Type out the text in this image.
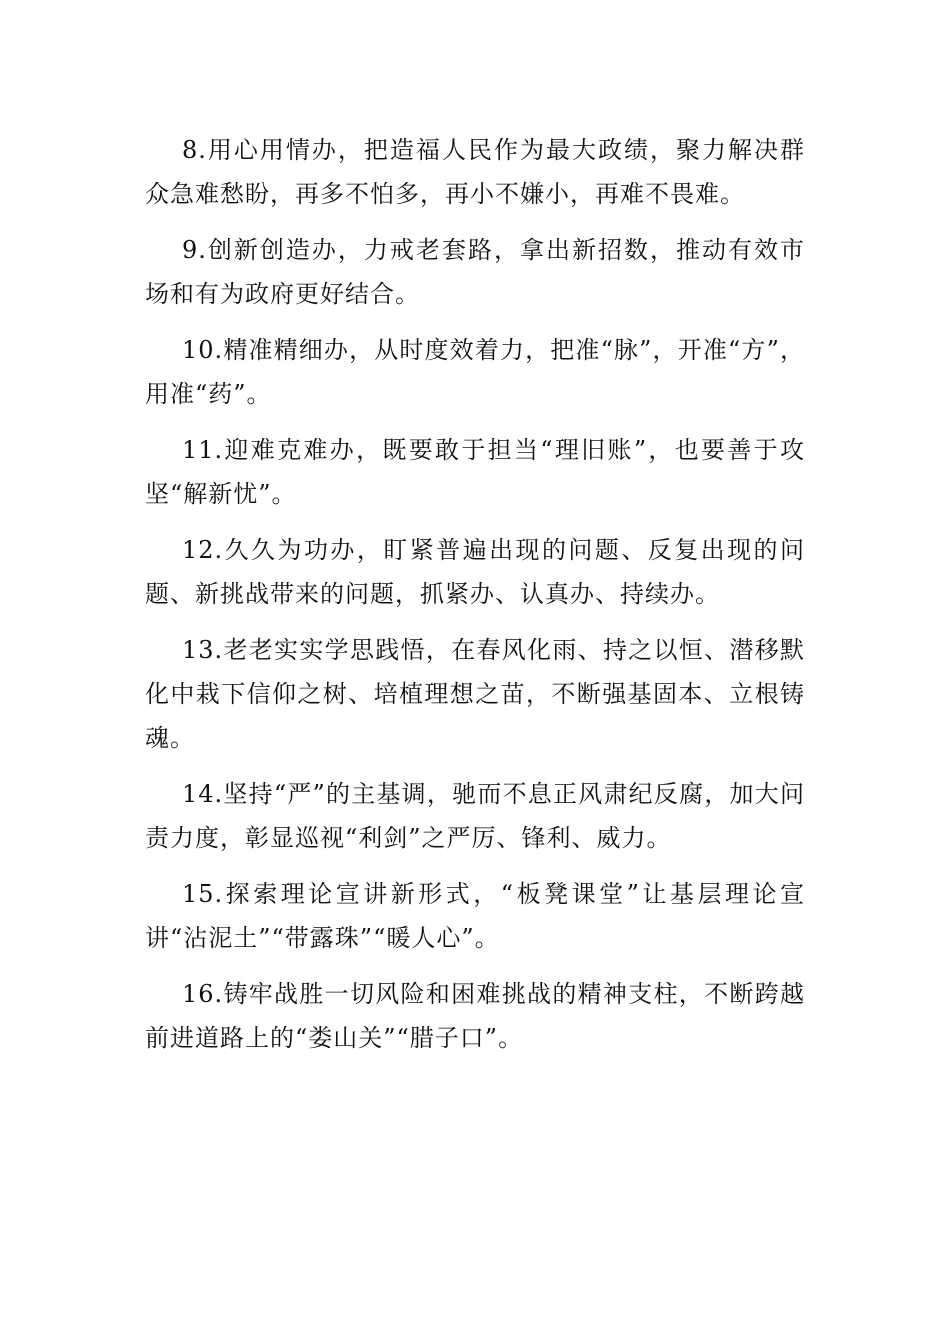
8.用心用情办，把造福人民作为最大政绩，聚力解决群众急难愁盼，再多不怕多，再小不嫌小，再难不畏难。

9.创新创造办，力戒老套路，拿出新招数，推动有效市场和有为政府更好结合。

10.精准精细办，从时度效着力，把准“脉”，开准“方”，用准“药”。

11.迎难克难办，既要敢于担当“理旧账”，也要善于攻坚“解新忧”。

12.久久为功办，盯紧普遍出现的问题、反复出现的问题、新挑战带来的问题，抓紧办、认真办、持续办。

13.老老实实学思践悟，在春风化雨、持之以恒、潜移默化中栽下信仰之树、培植理想之苗，不断强基固本、立根铸魂。

14.坚持“严”的主基调，驰而不息正风肃纪反腐，加大问责力度，彰显巡视“利剑”之严厉、锋利、威力。

15.探索理论宣讲新形式，“板凳课堂”让基层理论宣讲“沾泥土”“带露珠”“暖人心”。

16.铸牢战胜一切风险和困难挑战的精神支柱，不断跨越前进道路上的“娄山关”“腊子口”。
